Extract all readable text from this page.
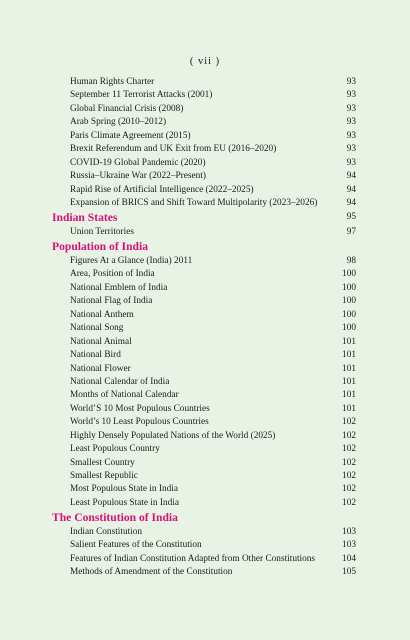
( vii )
Human Rights Charter	93
September 11 Terrorist Attacks (2001)	93
Global Financial Crisis (2008)	93
Arab Spring (2010–2012)	93
Paris Climate Agreement (2015)	93
Brexit Referendum and UK Exit from EU (2016–2020)	93
COVID-19 Global Pandemic (2020)	93
Russia–Ukraine War (2022–Present)	94
Rapid Rise of Artificial Intelligence (2022–2025)	94
Expansion of BRICS and Shift Toward Multipolarity (2023–2026)	94
Indian States	95
Union Territories	97
Population of India
Figures At a Glance (India) 2011	98
Area, Position of India	100
National Emblem of India	100
National Flag of India	100
National Anthem	100
National Song	100
National Animal	101
National Bird	101
National Flower	101
National Calendar of India	101
Months of National Calendar	101
World’S 10 Most Populous Countries	101
World’s 10 Least Populous Countries	102
Highly Densely Populated Nations of the World (2025)	102
Least Populous Country	102
Smallest Country	102
Smallest Republic	102
Most Populous State in India	102
Least Populous State in India	102
The Constitution of India
Indian Constitution	103
Salient Features of the Constitution	103
Features of Indian Constitution Adapted from Other Constitutions	104
Methods of Amendment of the Constitution	105
